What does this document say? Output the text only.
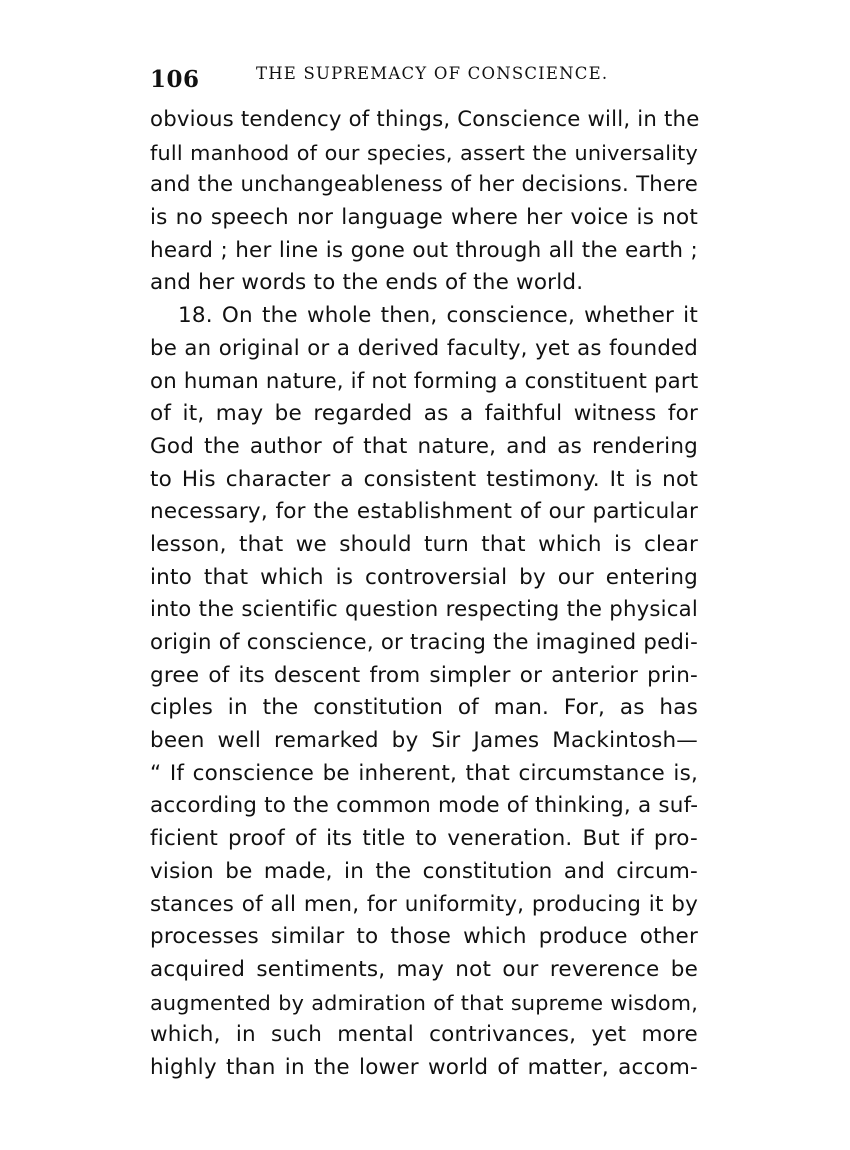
106	THE SUPREMACY OF CONSCIENCE.
obvious tendency of things, Conscience will, in the
full manhood of our species, assert the universality
and the unchangeableness of her decisions. There
is no speech nor language where her voice is not
heard ; her line is gone out through all the earth ;
and her words to the ends of the world.
18. On the whole then, conscience, whether it
be an original or a derived faculty, yet as founded
on human nature, if not forming a constituent part
of it, may be regarded as a faithful witness for
God the author of that nature, and as rendering
to His character a consistent testimony. It is not
necessary, for the establishment of our particular
lesson, that we should turn that which is clear
into that which is controversial by our entering
into the scientific question respecting the physical
origin of conscience, or tracing the imagined pedi-
gree of its descent from simpler or anterior prin-
ciples in the constitution of man. For, as has
been well remarked by Sir James Mackintosh—
“ If conscience be inherent, that circumstance is,
according to the common mode of thinking, a suf-
ficient proof of its title to veneration. But if pro-
vision be made, in the constitution and circum-
stances of all men, for uniformity, producing it by
processes similar to those which produce other
acquired sentiments, may not our reverence be
augmented by admiration of that supreme wisdom,
which, in such mental contrivances, yet more
highly than in the lower world of matter, accom-
